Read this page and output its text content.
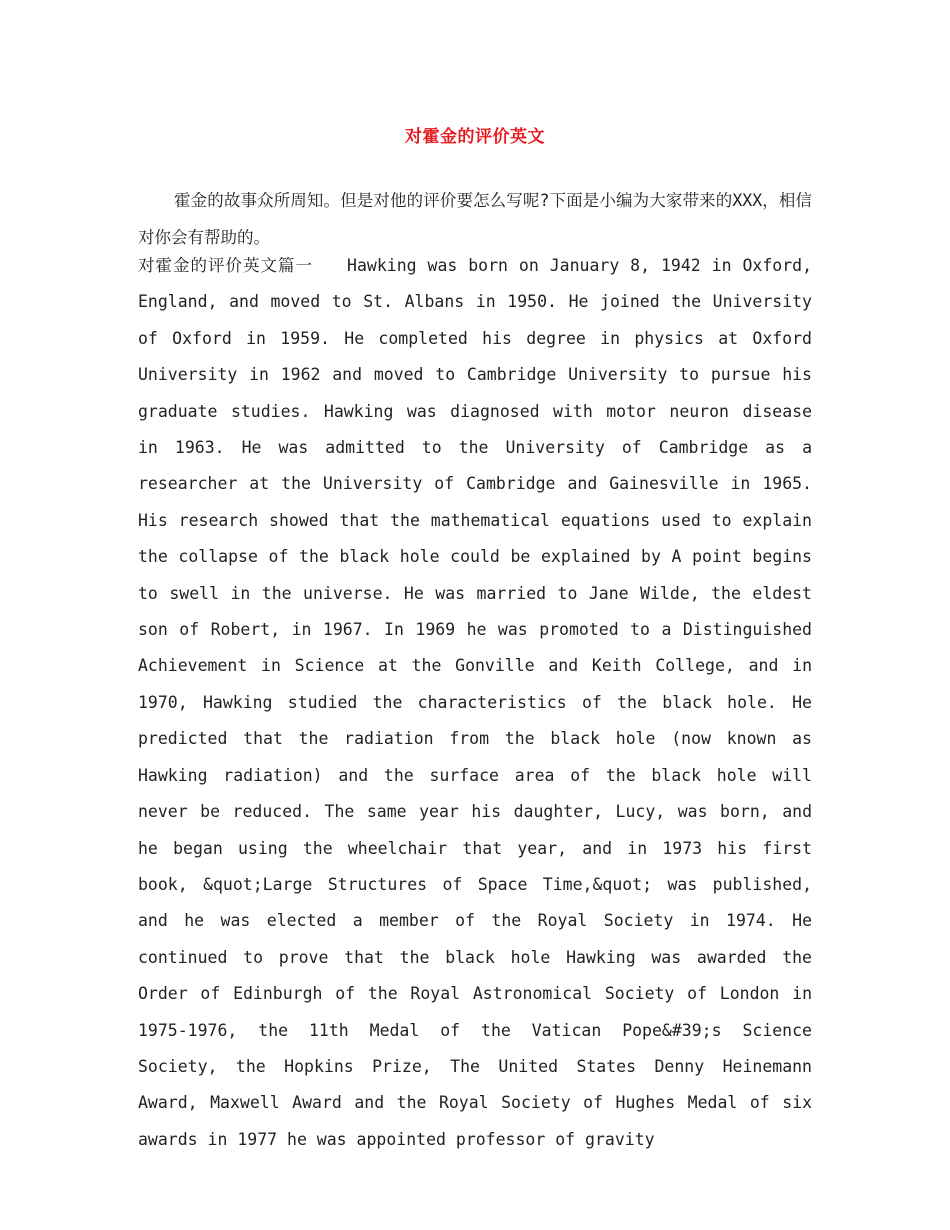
对霍金的评价英文

霍金的故事众所周知。但是对他的评价要怎么写呢?下面是小编为大家带来的XXX，相信对你会有帮助的。

对霍金的评价英文篇一 Hawking was born on January 8, 1942 in Oxford, England, and moved to St. Albans in 1950. He joined the University of Oxford in 1959. He completed his degree in physics at Oxford University in 1962 and moved to Cambridge University to pursue his graduate studies. Hawking was diagnosed with motor neuron disease in 1963. He was admitted to the University of Cambridge as a researcher at the University of Cambridge and Gainesville in 1965. His research showed that the mathematical equations used to explain the collapse of the black hole could be explained by A point begins to swell in the universe. He was married to Jane Wilde, the eldest son of Robert, in 1967. In 1969 he was promoted to a Distinguished Achievement in Science at the Gonville and Keith College, and in 1970, Hawking studied the characteristics of the black hole. He predicted that the radiation from the black hole (now known as Hawking radiation) and the surface area of the black hole will never be reduced. The same year his daughter, Lucy, was born, and he began using the wheelchair that year, and in 1973 his first book, &quot;Large Structures of Space Time,&quot; was published, and he was elected a member of the Royal Society in 1974. He continued to prove that the black hole Hawking was awarded the Order of Edinburgh of the Royal Astronomical Society of London in 1975-1976, the 11th Medal of the Vatican Pope&#39;s Science Society, the Hopkins Prize, The United States Denny Heinemann Award, Maxwell Award and the Royal Society of Hughes Medal of six awards in 1977 he was appointed professor of gravity
